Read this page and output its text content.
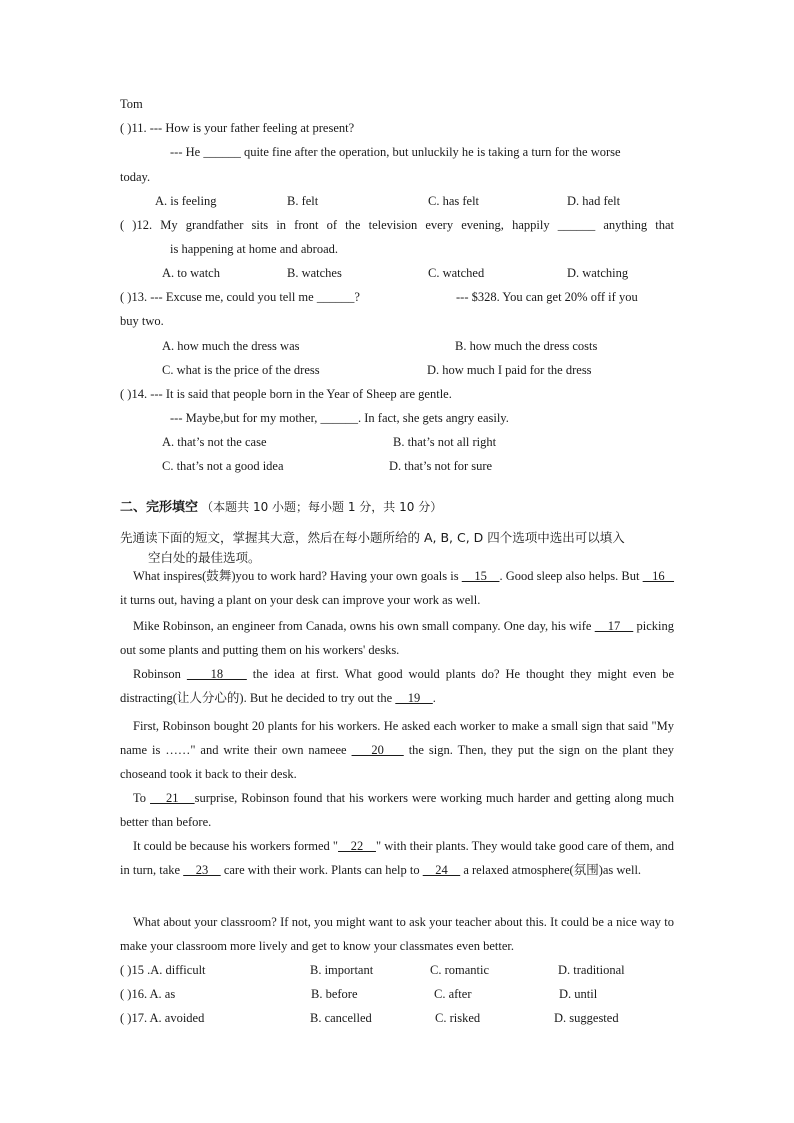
Tom
( )11. --- How is your father feeling at present?
--- He ______ quite fine after the operation, but unluckily he is taking a turn for the worse
today.
A. is feeling	B. felt	C. has felt	D. had felt
( )12. My grandfather sits in front of the television every evening, happily ______ anything that
is happening at home and abroad.
A. to watch	B. watches	C. watched	D. watching
( )13. --- Excuse me, could you tell me ______?	--- $328. You can get 20% off if you
buy two.
A. how much the dress was	B. how much the dress costs
C. what is the price of the dress	D. how much I paid for the dress
( )14. --- It is said that people born in the Year of Sheep are gentle.
--- Maybe,but for my mother, ______. In fact, she gets angry easily.
A. that’s not the case	B. that’s not all right
C. that’s not a good idea	D. that’s not for sure
二、完形填空 （本题共 10 小题；每小题 1 分，共 10 分）
先通读下面的短文，掌握其大意，然后在每小题所给的 A, B, C, D 四个选项中选出可以填入
空白处的最佳选项。
What inspires(鼓舞)you to work hard? Having your own goals is     15    . Good sleep also helps. But    16    it turns out, having a plant on your desk can improve your work as well.
Mike Robinson, an engineer from Canada, owns his own small company. One day, his wife     17     picking out some plants and putting them on his workers' desks.
Robinson     18     the idea at first. What good would plants do? He thought they might even be distracting(让人分心的). But he decided to try out the     19    .
First, Robinson bought 20 plants for his workers. He asked each worker to make a small sign that said "My name is ……" and write their own nameee     20     the sign. Then, they put the sign on the plant they choseand took it back to their desk.
To     21    surprise, Robinson found that his workers were working much harder and getting along much better than before.
It could be because his workers formed "    22    " with their plants. They would take good care of them, and in turn, take     23     care with their work. Plants can help to     24     a relaxed atmosphere(氛围)as well.
What about your classroom? If not, you might want to ask your teacher about this. It could be a nice way to make your classroom more lively and get to know your classmates even better.
( )15 .A. difficult	B. important	C. romantic	D. traditional
( )16. A. as	B. before	C. after	D. until
( )17. A. avoided	B. cancelled	C. risked	D. suggested
